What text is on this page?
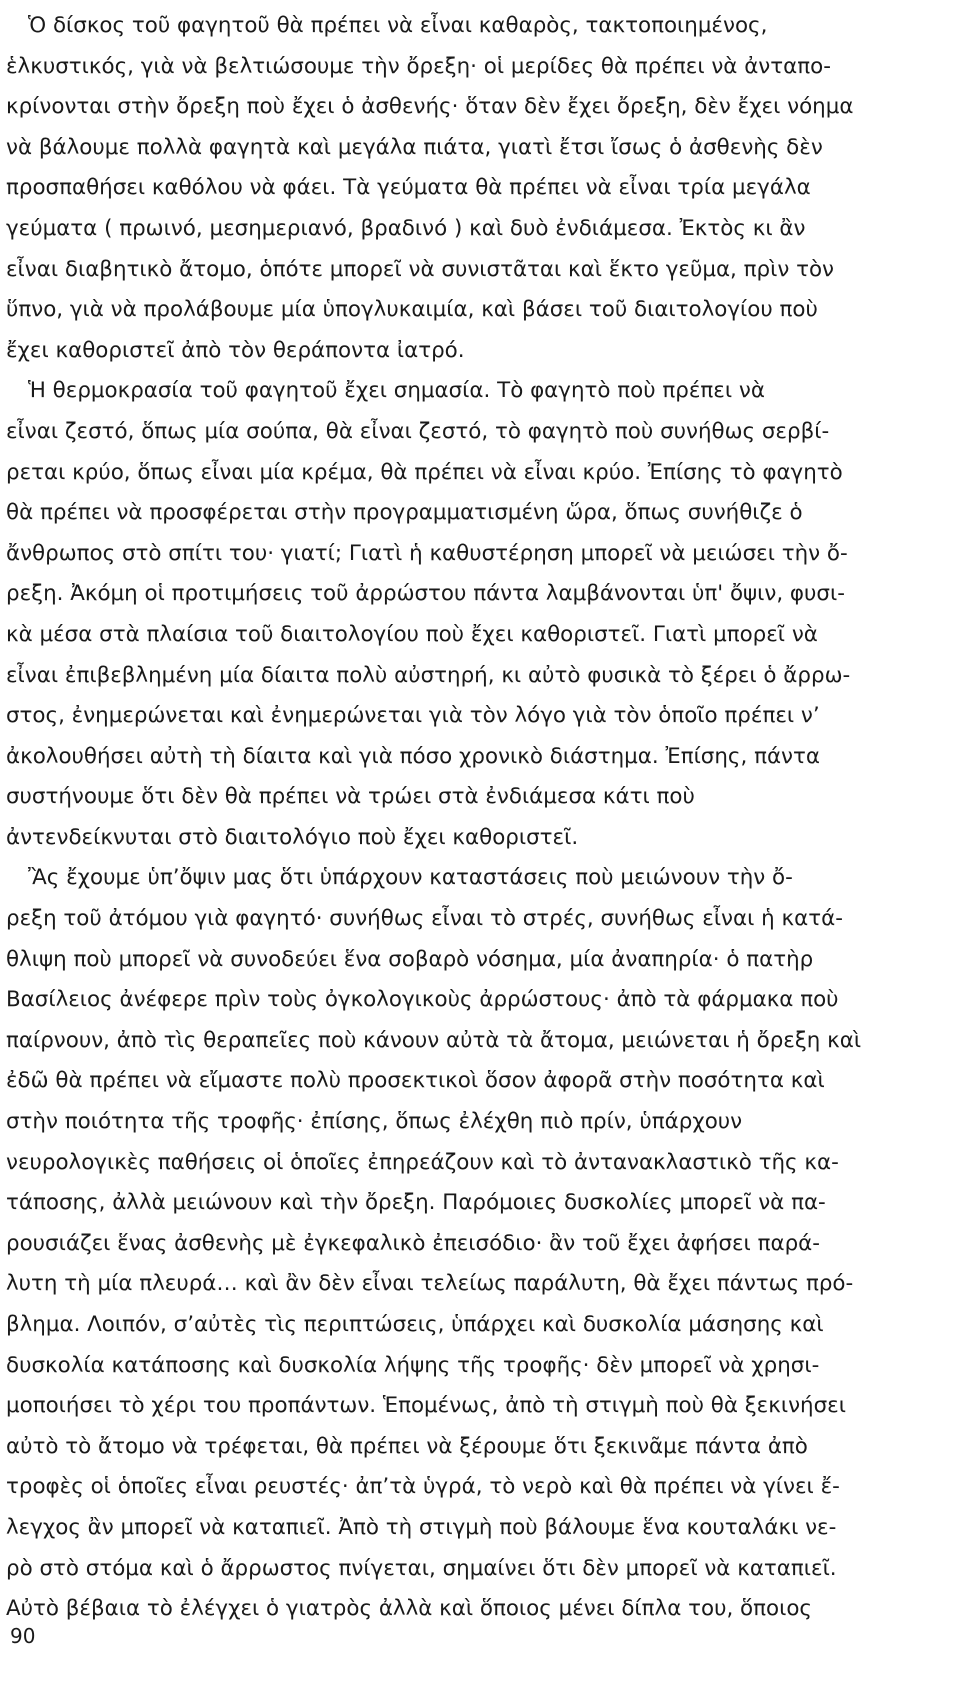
Ὁ δίσκος τοῦ φαγητοῦ θὰ πρέπει νὰ εἶναι καθαρὸς, τακτοποιημένος,
ἑλκυστικός, γιὰ νὰ βελτιώσουμε τὴν ὄρεξη· οἱ μερίδες θὰ πρέπει νὰ ἀνταπο-
κρίνονται στὴν ὄρεξη ποὺ ἔχει ὁ ἀσθενής· ὅταν δὲν ἔχει ὄρεξη, δὲν ἔχει νόημα
νὰ βάλουμε πολλὰ φαγητὰ καὶ μεγάλα πιάτα, γιατὶ ἔτσι ἴσως ὁ ἀσθενὴς δὲν
προσπαθήσει καθόλου νὰ φάει. Τὰ γεύματα θὰ πρέπει νὰ εἶναι τρία μεγάλα
γεύματα ( πρωινό, μεσημεριανό, βραδινό ) καὶ δυὸ ἐνδιάμεσα. Ἐκτὸς κι ἂν
εἶναι διαβητικὸ ἄτομο, ὁπότε μπορεῖ νὰ συνιστᾶται καὶ ἕκτο γεῦμα, πρὶν τὸν
ὕπνο, γιὰ νὰ προλάβουμε μία ὑπογλυκαιμία, καὶ βάσει τοῦ διαιτολογίου ποὺ
ἔχει καθοριστεῖ ἀπὸ τὸν θεράποντα ἰατρό.

Ἡ θερμοκρασία τοῦ φαγητοῦ ἔχει σημασία. Τὸ φαγητὸ ποὺ πρέπει νὰ
εἶναι ζεστό, ὅπως μία σούπα, θὰ εἶναι ζεστό, τὸ φαγητὸ ποὺ συνήθως σερβί-
ρεται κρύο, ὅπως εἶναι μία κρέμα, θὰ πρέπει νὰ εἶναι κρύο. Ἐπίσης τὸ φαγητὸ
θὰ πρέπει νὰ προσφέρεται στὴν προγραμματισμένη ὥρα, ὅπως συνήθιζε ὁ
ἄνθρωπος στὸ σπίτι του· γιατί; Γιατὶ ἡ καθυστέρηση μπορεῖ νὰ μειώσει τὴν ὄ-
ρεξη. Ἀκόμη οἱ προτιμήσεις τοῦ ἀρρώστου πάντα λαμβάνονται ὑπ' ὄψιν, φυσι-
κὰ μέσα στὰ πλαίσια τοῦ διαιτολογίου ποὺ ἔχει καθοριστεῖ. Γιατὶ μπορεῖ νὰ
εἶναι ἐπιβεβλημένη μία δίαιτα πολὺ αὐστηρή, κι αὐτὸ φυσικὰ τὸ ξέρει ὁ ἄρρω-
στος, ἐνημερώνεται καὶ ἐνημερώνεται γιὰ τὸν λόγο γιὰ τὸν ὁποῖο πρέπει ν’
ἀκολουθήσει αὐτὴ τὴ δίαιτα καὶ γιὰ πόσο χρονικὸ διάστημα. Ἐπίσης, πάντα
συστήνουμε ὅτι δὲν θὰ πρέπει νὰ τρώει στὰ ἐνδιάμεσα κάτι ποὺ
ἀντενδείκνυται στὸ διαιτολόγιο ποὺ ἔχει καθοριστεῖ.

Ἂς ἔχουμε ὑπ’ὄψιν μας ὅτι ὑπάρχουν καταστάσεις ποὺ μειώνουν τὴν ὄ-
ρεξη τοῦ ἀτόμου γιὰ φαγητό· συνήθως εἶναι τὸ στρές, συνήθως εἶναι ἡ κατά-
θλιψη ποὺ μπορεῖ νὰ συνοδεύει ἕνα σοβαρὸ νόσημα, μία ἀναπηρία· ὁ πατὴρ
Βασίλειος ἀνέφερε πρὶν τοὺς ὀγκολογικοὺς ἀρρώστους· ἀπὸ τὰ φάρμακα ποὺ
παίρνουν, ἀπὸ τὶς θεραπεῖες ποὺ κάνουν αὐτὰ τὰ ἄτομα, μειώνεται ἡ ὄρεξη καὶ
ἐδῶ θὰ πρέπει νὰ εἴμαστε πολὺ προσεκτικοὶ ὅσον ἀφορᾶ στὴν ποσότητα καὶ
στὴν ποιότητα τῆς τροφῆς· ἐπίσης, ὅπως ἐλέχθη πιὸ πρίν, ὑπάρχουν
νευρολογικὲς παθήσεις οἱ ὁποῖες ἐπηρεάζουν καὶ τὸ ἀντανακλαστικὸ τῆς κα-
τάποσης, ἀλλὰ μειώνουν καὶ τὴν ὄρεξη. Παρόμοιες δυσκολίες μπορεῖ νὰ πα-
ρουσιάζει ἕνας ἀσθενὴς μὲ ἐγκεφαλικὸ ἐπεισόδιο· ἂν τοῦ ἔχει ἀφήσει παρά-
λυτη τὴ μία πλευρά… καὶ ἂν δὲν εἶναι τελείως παράλυτη, θὰ ἔχει πάντως πρό-
βλημα. Λοιπόν, σ’αὐτὲς τὶς περιπτώσεις, ὑπάρχει καὶ δυσκολία μάσησης καὶ
δυσκολία κατάποσης καὶ δυσκολία λήψης τῆς τροφῆς· δὲν μπορεῖ νὰ χρησι-
μοποιήσει τὸ χέρι του προπάντων. Ἑπομένως, ἀπὸ τὴ στιγμὴ ποὺ θὰ ξεκινήσει
αὐτὸ τὸ ἄτομο νὰ τρέφεται, θὰ πρέπει νὰ ξέρουμε ὅτι ξεκινᾶμε πάντα ἀπὸ
τροφὲς οἱ ὁποῖες εἶναι ρευστές· ἀπ’τὰ ὑγρά, τὸ νερὸ καὶ θὰ πρέπει νὰ γίνει ἔ-
λεγχος ἂν μπορεῖ νὰ καταπιεῖ. Ἀπὸ τὴ στιγμὴ ποὺ βάλουμε ἕνα κουταλάκι νε-
ρὸ στὸ στόμα καὶ ὁ ἄρρωστος πνίγεται, σημαίνει ὅτι δὲν μπορεῖ νὰ καταπιεῖ.
Αὐτὸ βέβαια τὸ ἐλέγχει ὁ γιατρὸς ἀλλὰ καὶ ὅποιος μένει δίπλα του, ὅποιος

90
